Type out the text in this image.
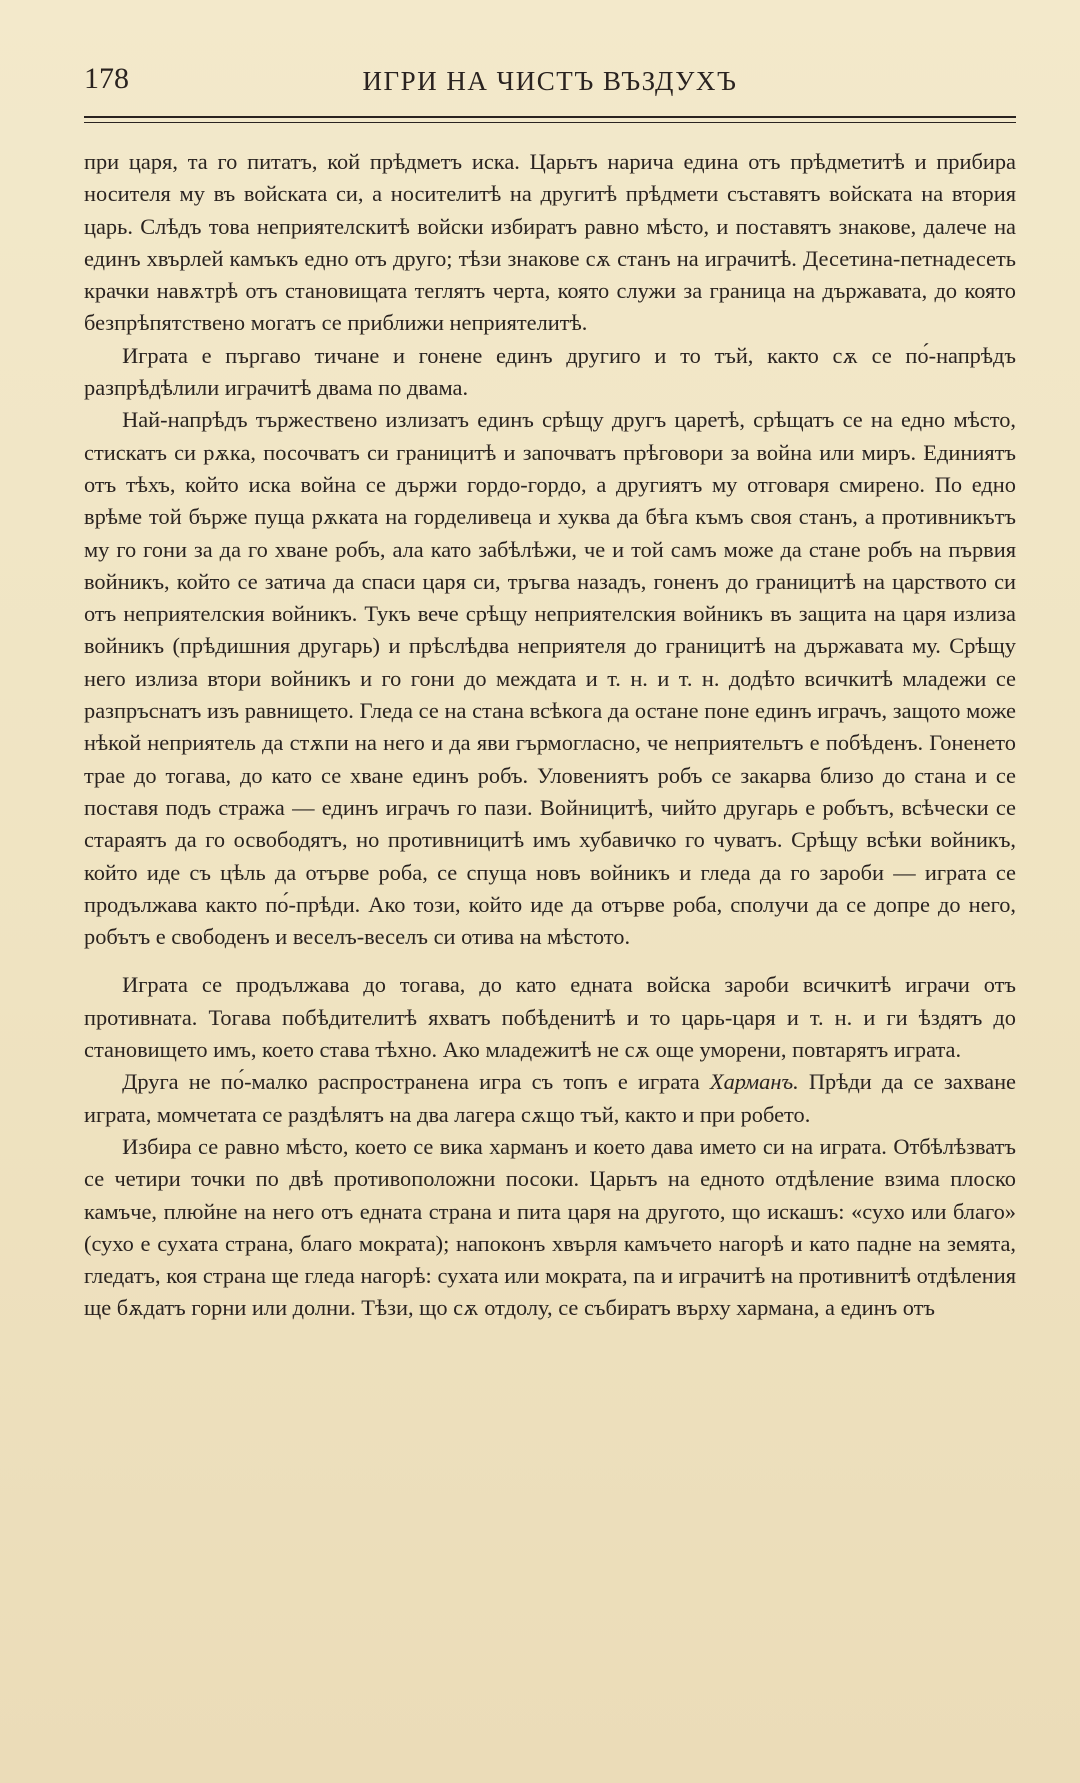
178	ИГРИ НА ЧИСТЪ ВЪЗДУХЪ

при царя, та го питатъ, кой прѣдметъ иска. Царьтъ нарича единa отъ прѣдметитѣ и прибира носителя му въ войската си, а носителитѣ на другитѣ прѣдмети съставятъ войската на втория царь. Слѣдъ това неприятелскитѣ войски избиратъ равно мѣсто, и поставятъ знакове, далече на единъ хвърлей камъкъ едно отъ друго; тѣзи знакове сѫ станъ на играчитѣ. Десетина-петнадесеть крачки навѫтрѣ отъ становищата теглятъ черта, която служи за граница на държавата, до която безпрѣпятствено могатъ се приближи неприятелитѣ.

Играта е пъргаво тичане и гонене единъ другиго и то тъй, както сѫ се по́-напрѣдъ разпрѣдѣлили играчитѣ двама по двама.

Най-напрѣдъ тържествено излизатъ единъ срѣщу другъ царетѣ, срѣщатъ се на едно мѣсто, стискатъ си рѫка, посочватъ си границитѣ и започватъ прѣговори за война или миръ. Единиятъ отъ тѣхъ, който иска война се държи гордо-гордо, а другиятъ му отговаря смирено. По едно врѣме той бърже пуща рѫката на горделивеца и хуква да бѣга къмъ своя станъ, а противникътъ му го гони за да го хване робъ, ала като забѣлѣжи, че и той самъ може да стане робъ на първия войникъ, който се затича да спаси царя си, тръгва назадъ, гоненъ до границитѣ на царството си отъ неприятелския войникъ. Тукъ вече срѣщу неприятелския войникъ въ защита на царя излиза войникъ (прѣдишния другарь) и прѣслѣдва неприятеля до границитѣ на държавата му. Срѣщу него излиза втори войникъ и го гони до междата и т. н. и т. н. додѣто всичкитѣ младежи се разпръснатъ изъ равнището. Гледа се на стана всѣкога да остане поне единъ играчъ, защото може нѣкой неприятель да стѫпи на него и да яви гърмогласно, че неприятельтъ е побѣденъ. Гоненето трае до тогава, до като се хване единъ робъ. Уловениятъ робъ се закарва близо до стана и се поставя подъ стража — единъ играчъ го пази. Войницитѣ, чийто другарь е робътъ, всѣчески се стараятъ да го освободятъ, но противницитѣ имъ хубавичко го чуватъ. Срѣщу всѣки войникъ, който иде съ цѣль да отърве роба, се спуща новъ войникъ и гледа да го зароби — играта се продължава както по́-прѣди. Ако този, който иде да отърве роба, сполучи да се допре до него, робътъ е свободенъ и веселъ-веселъ си отива на мѣстото.

Играта се продължава до тогава, до като едната войска зароби всичкитѣ играчи отъ противната. Тогава побѣдителитѣ яхватъ побѣденитѣ и то царь-царя и т. н. и ги ѣздятъ до становището имъ, което става тѣхно. Ако младежитѣ не сѫ още уморени, повтарятъ играта.

Друга не по́-малко распространена игра съ топъ е играта Харманъ. Прѣди да се захване играта, момчетата се раздѣлятъ на два лагера сѫщо тъй, както и при робето.

Избира се равно мѣсто, което се вика харманъ и което дава името си на играта. Отбѣлѣзватъ се четири точки по двѣ противоположни посоки. Царьтъ на едното отдѣление взима плоско камъче, плюйне на него отъ едната страна и пита царя на другото, що искашъ: «сухо или благо» (сухо е сухата страна, благо мократа); напоконъ хвърля камъчето нагорѣ и като падне на земята, гледатъ, коя страна ще гледа нагорѣ: сухата или мократа, па и играчитѣ на противнитѣ отдѣления ще бѫдатъ горни или долни. Тѣзи, що сѫ отдолу, се събиратъ върху хармана, а единъ отъ
